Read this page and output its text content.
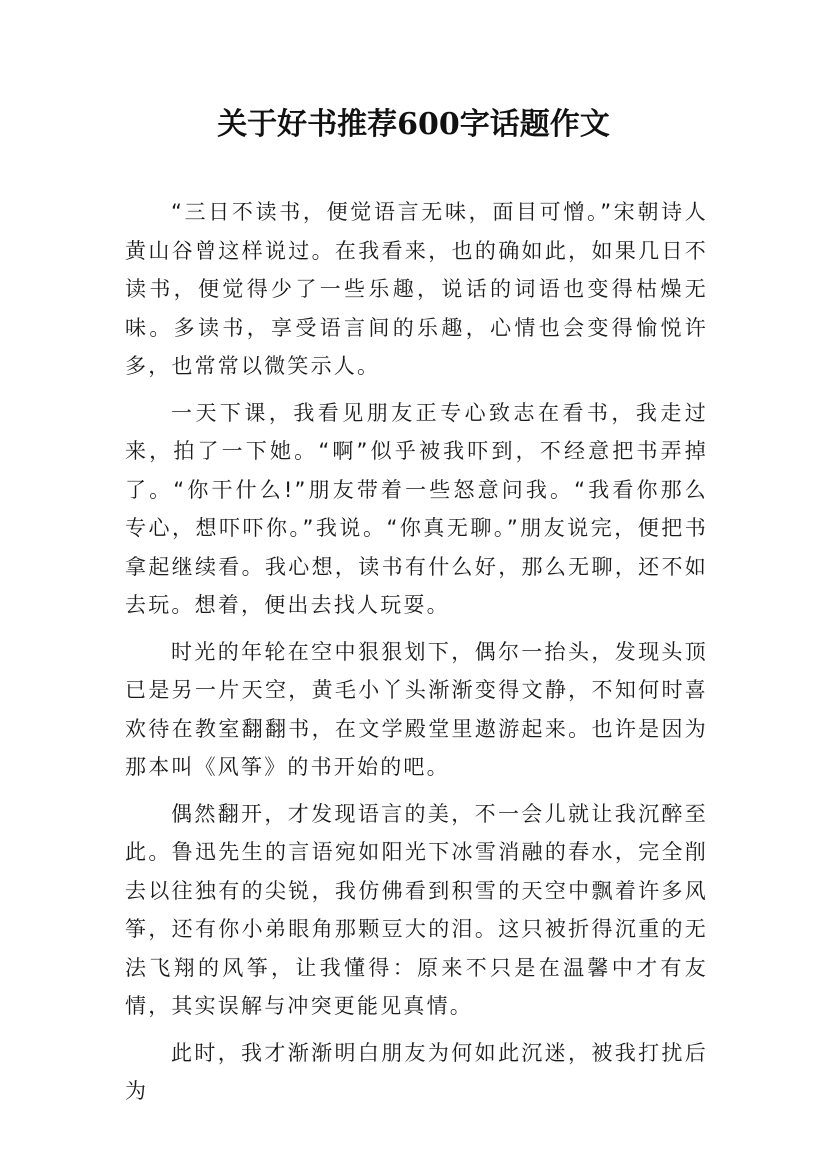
关于好书推荐600字话题作文

“三日不读书，便觉语言无味，面目可憎。”宋朝诗人黄山谷曾这样说过。在我看来，也的确如此，如果几日不读书，便觉得少了一些乐趣，说话的词语也变得枯燥无味。多读书，享受语言间的乐趣，心情也会变得愉悦许多，也常常以微笑示人。

一天下课，我看见朋友正专心致志在看书，我走过来，拍了一下她。“啊”似乎被我吓到，不经意把书弄掉了。“你干什么!”朋友带着一些怒意问我。“我看你那么专心，想吓吓你。”我说。“你真无聊。”朋友说完，便把书拿起继续看。我心想，读书有什么好，那么无聊，还不如去玩。想着，便出去找人玩耍。

时光的年轮在空中狠狠划下，偶尔一抬头，发现头顶已是另一片天空，黄毛小丫头渐渐变得文静，不知何时喜欢待在教室翻翻书，在文学殿堂里遨游起来。也许是因为那本叫《风筝》的书开始的吧。

偶然翻开，才发现语言的美，不一会儿就让我沉醉至此。鲁迅先生的言语宛如阳光下冰雪消融的春水，完全削去以往独有的尖锐，我仿佛看到积雪的天空中飘着许多风筝，还有你小弟眼角那颗豆大的泪。这只被折得沉重的无法飞翔的风筝，让我懂得：原来不只是在温馨中才有友情，其实误解与冲突更能见真情。

此时，我才渐渐明白朋友为何如此沉迷，被我打扰后为
